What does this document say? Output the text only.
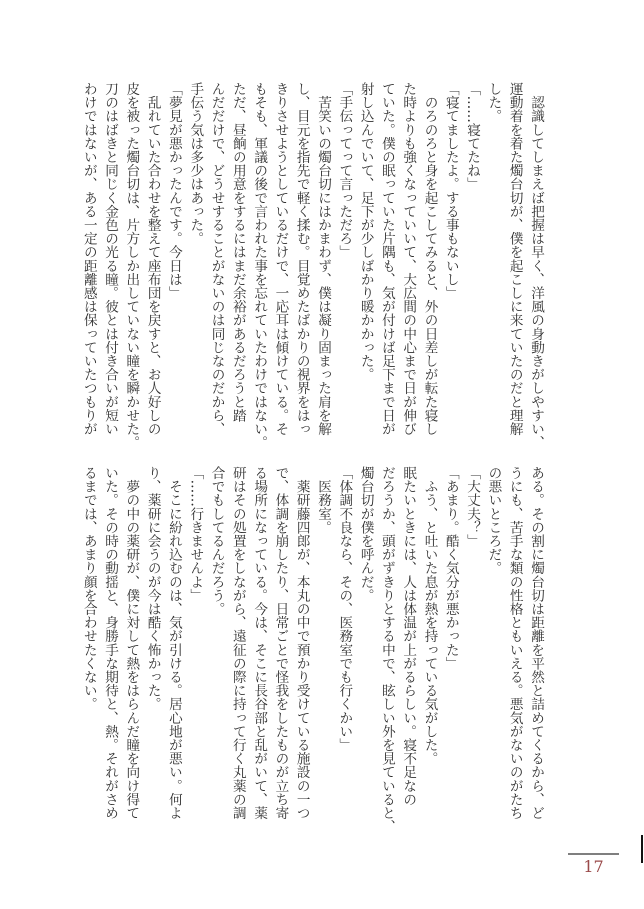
　認識してしまえば把握は早く、洋風の身動きがしやすい、
運動着を着た燭台切が、僕を起こしに来ていたのだと理解
した。
「……寝てたね」
「寝てましたよ。する事もないし」
　のろのろと身を起こしてみると、外の日差しが転た寝し
た時よりも強くなっていいて、大広間の中心まで日が伸び
ていた。僕の眠っていた片隅も、気が付けば足下まで日が
射し込んでいて、足下が少しばかり暖かかった。
「手伝ってって言っただろ」
　苦笑いの燭台切にはかまわず、僕は凝り固まった肩を解
し、目元を指先で軽く揉む。目覚めたばかりの視界をはっ
きりさせようとしているだけで、一応耳は傾けている。そ
もそも、軍議の後で言われた事を忘れていたわけではない。
ただ、昼餉の用意をするにはまだ余裕があるだろうと踏
んだだけで、どうせすることがないのは同じなのだから、
手伝う気は多少はあった。
「夢見が悪かったんです。今日は」
　乱れていた合わせを整えて座布団を戻すと、お人好しの
皮を被った燭台切は、片方しか出していない瞳を瞬かせた。
刀のはばきと同じく金色の光る瞳。彼とは付き合いが短い
わけではないが、ある一定の距離感は保っていたつもりが
ある。その割に燭台切は距離を平然と詰めてくるから、ど
うにも、苦手な類の性格ともいえる。悪気がないのがたち
の悪いところだ。
「大丈夫？」
「あまり。酷く気分が悪かった」
　ふう、と吐いた息が熱を持っている気がした。
眠たいときには、人は体温が上がるらしい。寝不足なの
だろうか、頭がずきりとする中で、眩しい外を見ていると、
燭台切が僕を呼んだ。
「体調不良なら、その、医務室でも行くかい」
　医務室。
　薬研藤四郎が、本丸の中で預かり受けている施設の一つ
で、体調を崩したり、日常ごとで怪我をしたものが立ち寄
る場所になっている。今は、そこに長谷部と乱がいて、薬
研はその処置をしながら、遠征の際に持って行く丸薬の調
合でもしてるんだろう。
「……行きませんよ」
　そこに紛れ込むのは、気が引ける。居心地が悪い。何よ
り、薬研に会うのが今は酷く怖かった。
　夢の中の薬研が、僕に対して熱をはらんだ瞳を向け得て
いた。その時の動揺と、身勝手な期待と、熱。それがさめ
るまでは、あまり顔を合わせたくない。
17
